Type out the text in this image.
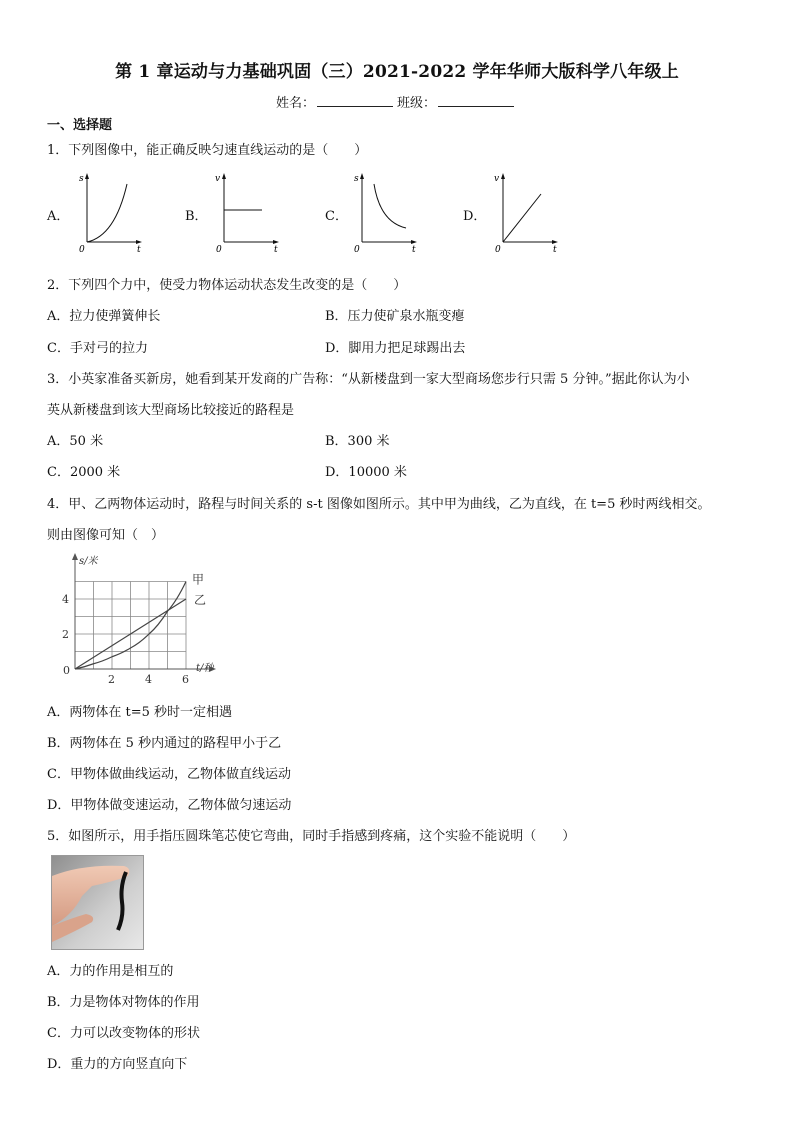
第 1 章运动与力基础巩固（三）2021-2022 学年华师大版科学八年级上
姓名：	班级：
一、选择题
1．下列图像中，能正确反映匀速直线运动的是（　　）
A．
s
t
0
B．
v
t
0
C．
s
t
0
D．
v
t
0
2．下列四个力中，使受力物体运动状态发生改变的是（　　）
A．拉力使弹簧伸长	B．压力使矿泉水瓶变瘪
C．手对弓的拉力	D．脚用力把足球踢出去
3．小英家准备买新房，她看到某开发商的广告称：“从新楼盘到一家大型商场您步行只需 5 分钟。”据此你认为小
英从新楼盘到该大型商场比较接近的路程是
A．50 米	B．300 米
C．2000 米	D．10000 米
4．甲、乙两物体运动时，路程与时间关系的 s-t 图像如图所示。其中甲为曲线，乙为直线，在 t=5 秒时两线相交。
则由图像可知（　）
甲
乙
2	4	6
2
4
0
s/米
t/秒
A．两物体在 t=5 秒时一定相遇
B．两物体在 5 秒内通过的路程甲小于乙
C．甲物体做曲线运动，乙物体做直线运动
D．甲物体做变速运动，乙物体做匀速运动
5．如图所示，用手指压圆珠笔芯使它弯曲，同时手指感到疼痛，这个实验不能说明（　　）
A．力的作用是相互的
B．力是物体对物体的作用
C．力可以改变物体的形状
D．重力的方向竖直向下
